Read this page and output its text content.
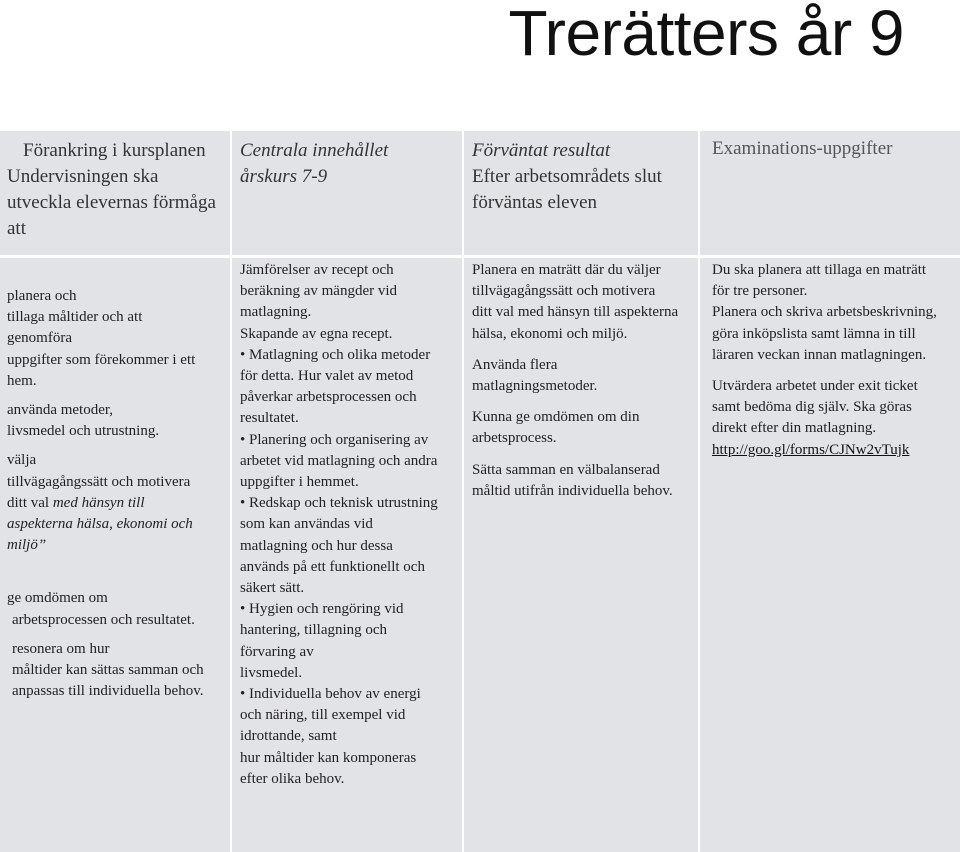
Trerätters år 9
Förankring i kursplanen
Undervisningen ska
utveckla elevernas förmåga
att
Centrala innehållet
årskurs 7-9
Förväntat resultat
Efter arbetsområdets slut
förväntas eleven
Examinations-uppgifter
planera och
tillaga måltider och att
genomföra
uppgifter som förekommer i ett
hem.
använda metoder,
livsmedel och utrustning.
välja
tillvägagångssätt och motivera
ditt val med hänsyn till
aspekterna hälsa, ekonomi och
miljö”
ge omdömen om
arbetsprocessen och resultatet.
resonera om hur
måltider kan sättas samman och
anpassas till individuella behov.
Jämförelser av recept och
beräkning av mängder vid
matlagning.
Skapande av egna recept.
• Matlagning och olika metoder
för detta. Hur valet av metod
påverkar arbetsprocessen och
resultatet.
• Planering och organisering av
arbetet vid matlagning och andra
uppgifter i hemmet.
• Redskap och teknisk utrustning
som kan användas vid
matlagning och hur dessa
används på ett funktionellt och
säkert sätt.
• Hygien och rengöring vid
hantering, tillagning och
förvaring av
livsmedel.
• Individuella behov av energi
och näring, till exempel vid
idrottande, samt
hur måltider kan komponeras
efter olika behov.
Planera en maträtt där du väljer
tillvägagångssätt och motivera
ditt val med hänsyn till aspekterna
hälsa, ekonomi och miljö.
Använda flera
matlagningsmetoder.
Kunna ge omdömen om din
arbetsprocess.
Sätta samman en välbalanserad
måltid utifrån individuella behov.
Du ska planera att tillaga en maträtt
för tre personer.
Planera och skriva arbetsbeskrivning,
göra inköpslista samt lämna in till
läraren veckan innan matlagningen.
Utvärdera arbetet under exit ticket
samt bedöma dig själv. Ska göras
direkt efter din matlagning.
http://goo.gl/forms/CJNw2vTujk
